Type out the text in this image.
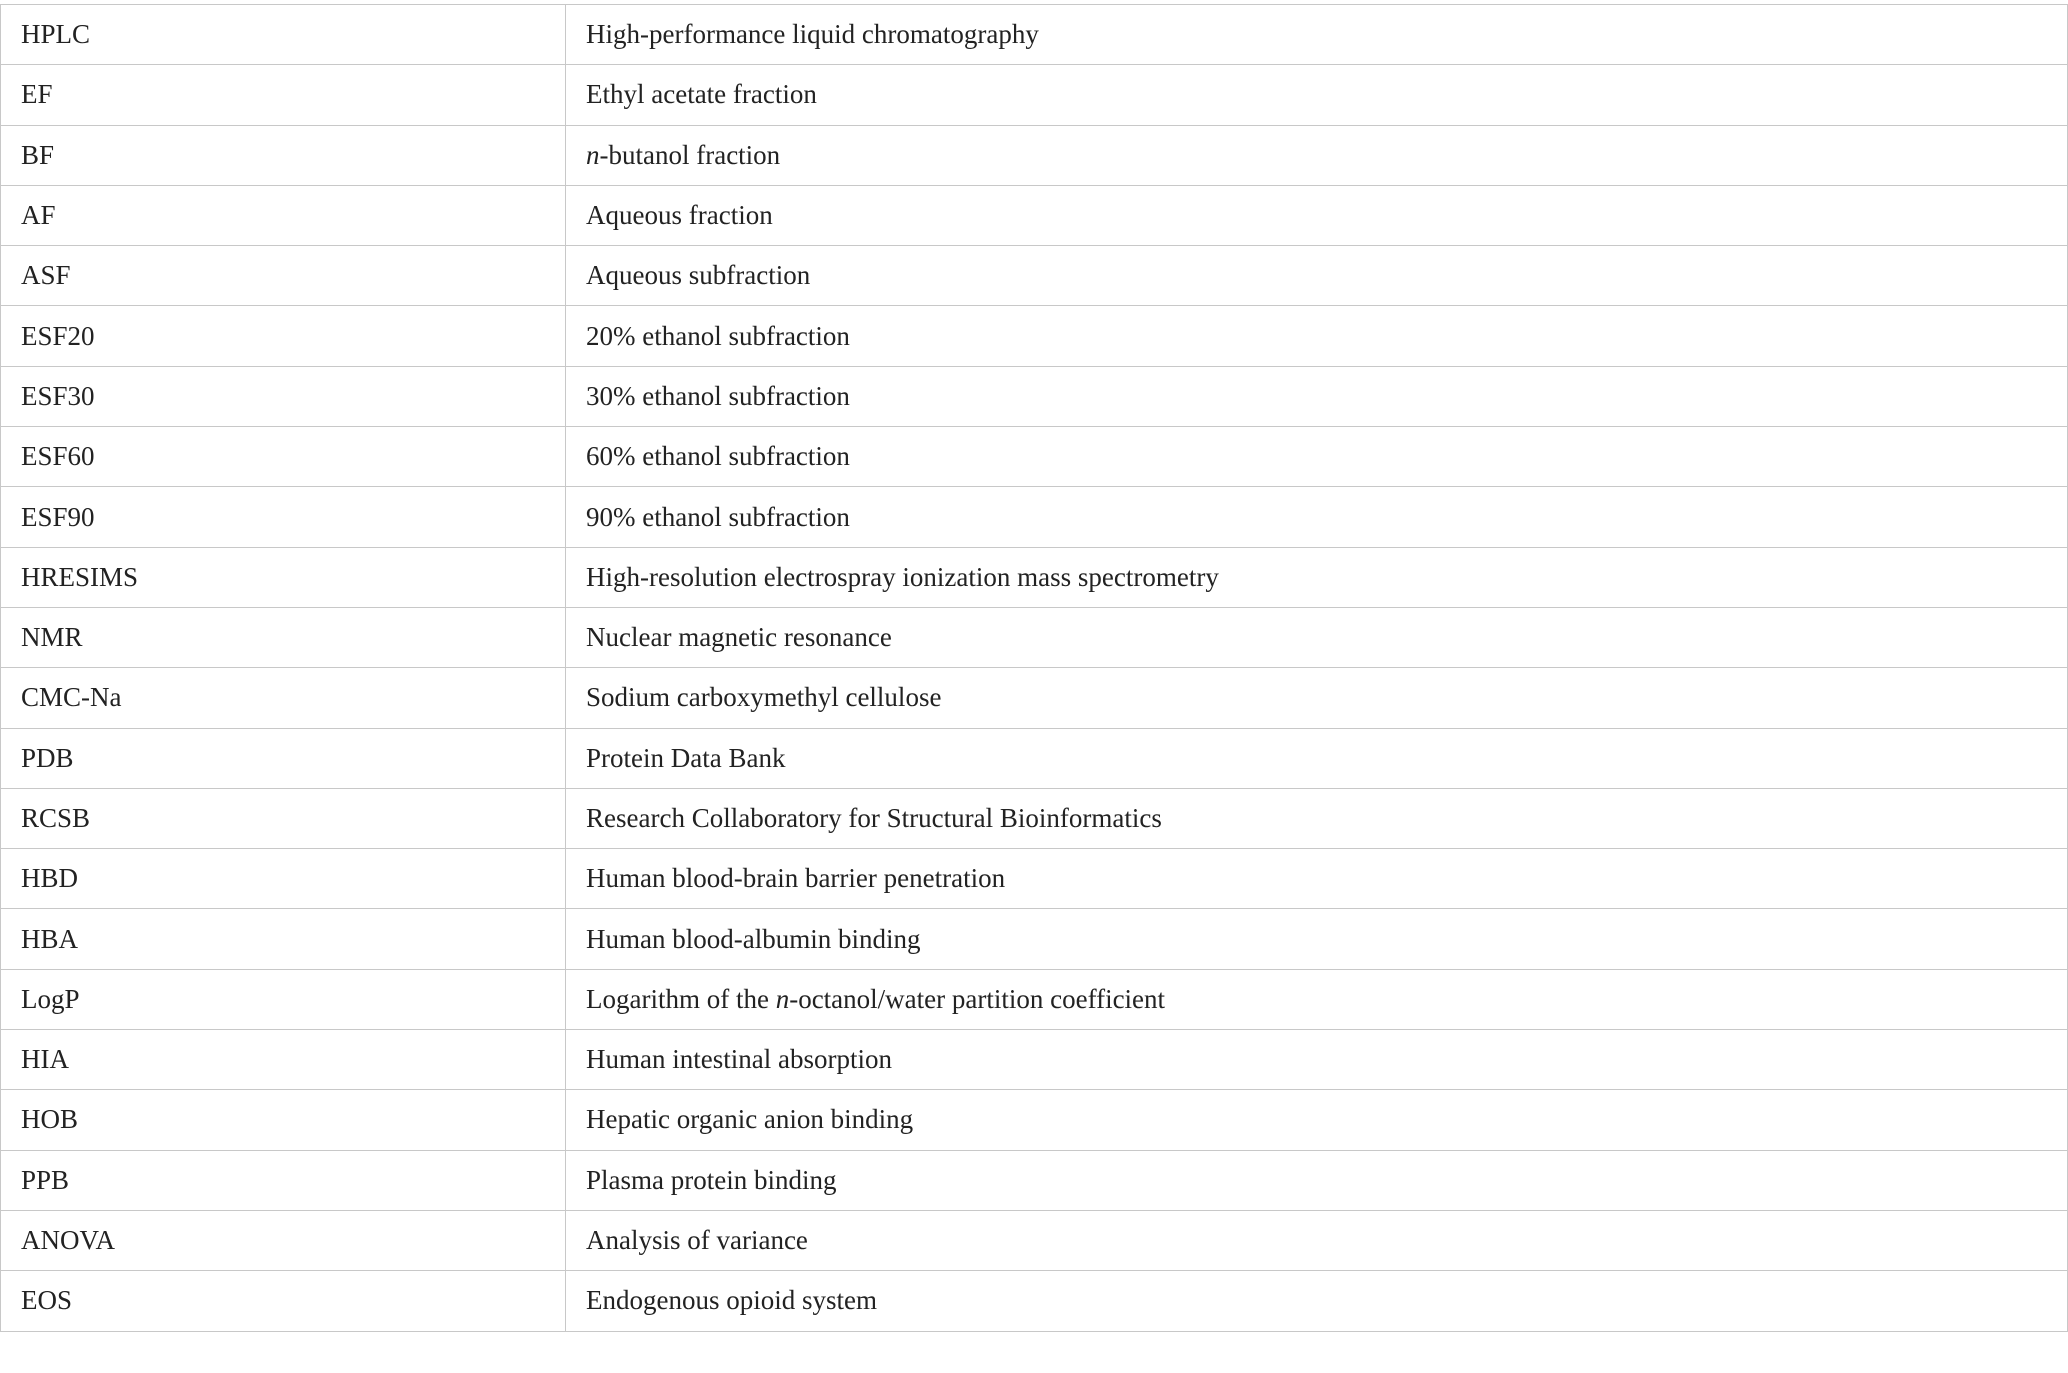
HPLC	High-performance liquid chromatography
EF	Ethyl acetate fraction
BF	n-butanol fraction
AF	Aqueous fraction
ASF	Aqueous subfraction
ESF20	20% ethanol subfraction
ESF30	30% ethanol subfraction
ESF60	60% ethanol subfraction
ESF90	90% ethanol subfraction
HRESIMS	High-resolution electrospray ionization mass spectrometry
NMR	Nuclear magnetic resonance
CMC-Na	Sodium carboxymethyl cellulose
PDB	Protein Data Bank
RCSB	Research Collaboratory for Structural Bioinformatics
HBD	Human blood-brain barrier penetration
HBA	Human blood-albumin binding
LogP	Logarithm of the n-octanol/water partition coefficient
HIA	Human intestinal absorption
HOB	Hepatic organic anion binding
PPB	Plasma protein binding
ANOVA	Analysis of variance
EOS	Endogenous opioid system
